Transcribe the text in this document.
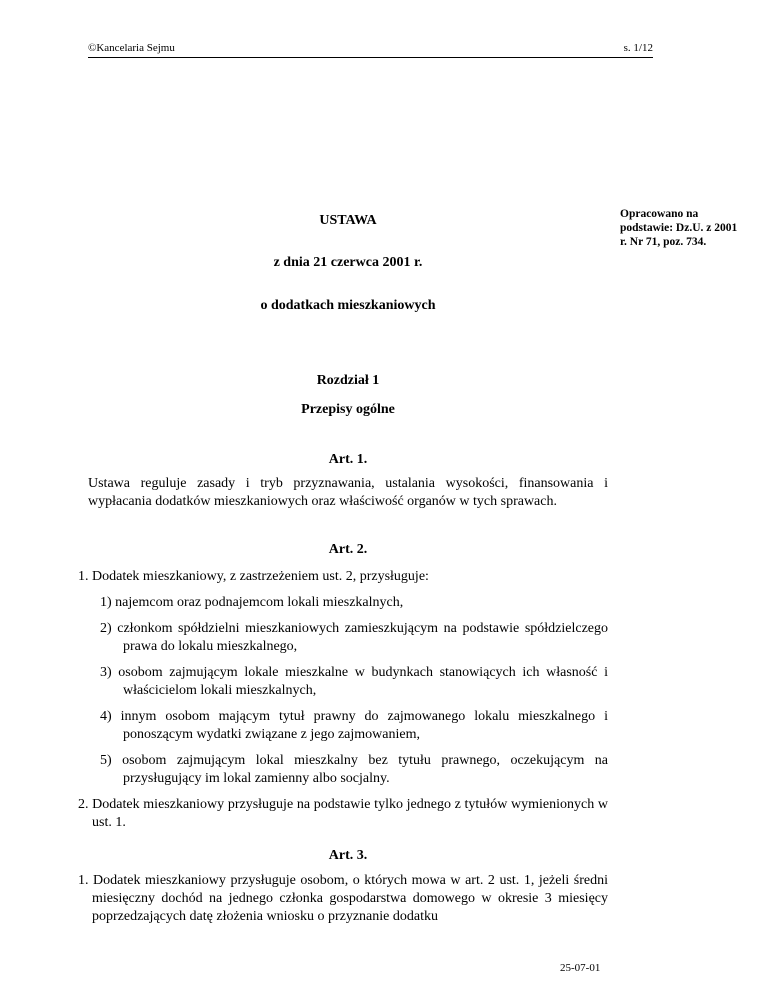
©Kancelaria Sejmu	s. 1/12
Opracowano na podstawie: Dz.U. z 2001 r. Nr 71, poz. 734.
USTAWA
z dnia 21 czerwca 2001 r.
o dodatkach mieszkaniowych
Rozdział 1
Przepisy ogólne
Art. 1.
Ustawa reguluje zasady i tryb przyznawania, ustalania wysokości, finansowania i wypłacania dodatków mieszkaniowych oraz właściwość organów w tych sprawach.
Art. 2.
1. Dodatek mieszkaniowy, z zastrzeżeniem ust. 2, przysługuje:
1) najemcom oraz podnajemcom lokali mieszkalnych,
2) członkom spółdzielni mieszkaniowych zamieszkującym na podstawie spółdzielczego prawa do lokalu mieszkalnego,
3) osobom zajmującym lokale mieszkalne w budynkach stanowiących ich własność i właścicielom lokali mieszkalnych,
4) innym osobom mającym tytuł prawny do zajmowanego lokalu mieszkalnego i ponoszącym wydatki związane z jego zajmowaniem,
5) osobom zajmującym lokal mieszkalny bez tytułu prawnego, oczekującym na przysługujący im lokal zamienny albo socjalny.
2. Dodatek mieszkaniowy przysługuje na podstawie tylko jednego z tytułów wymienionych w ust. 1.
Art. 3.
1. Dodatek mieszkaniowy przysługuje osobom, o których mowa w art. 2 ust. 1, jeżeli średni miesięczny dochód na jednego członka gospodarstwa domowego w okresie 3 miesięcy poprzedzających datę złożenia wniosku o przyznanie dodatku
25-07-01
